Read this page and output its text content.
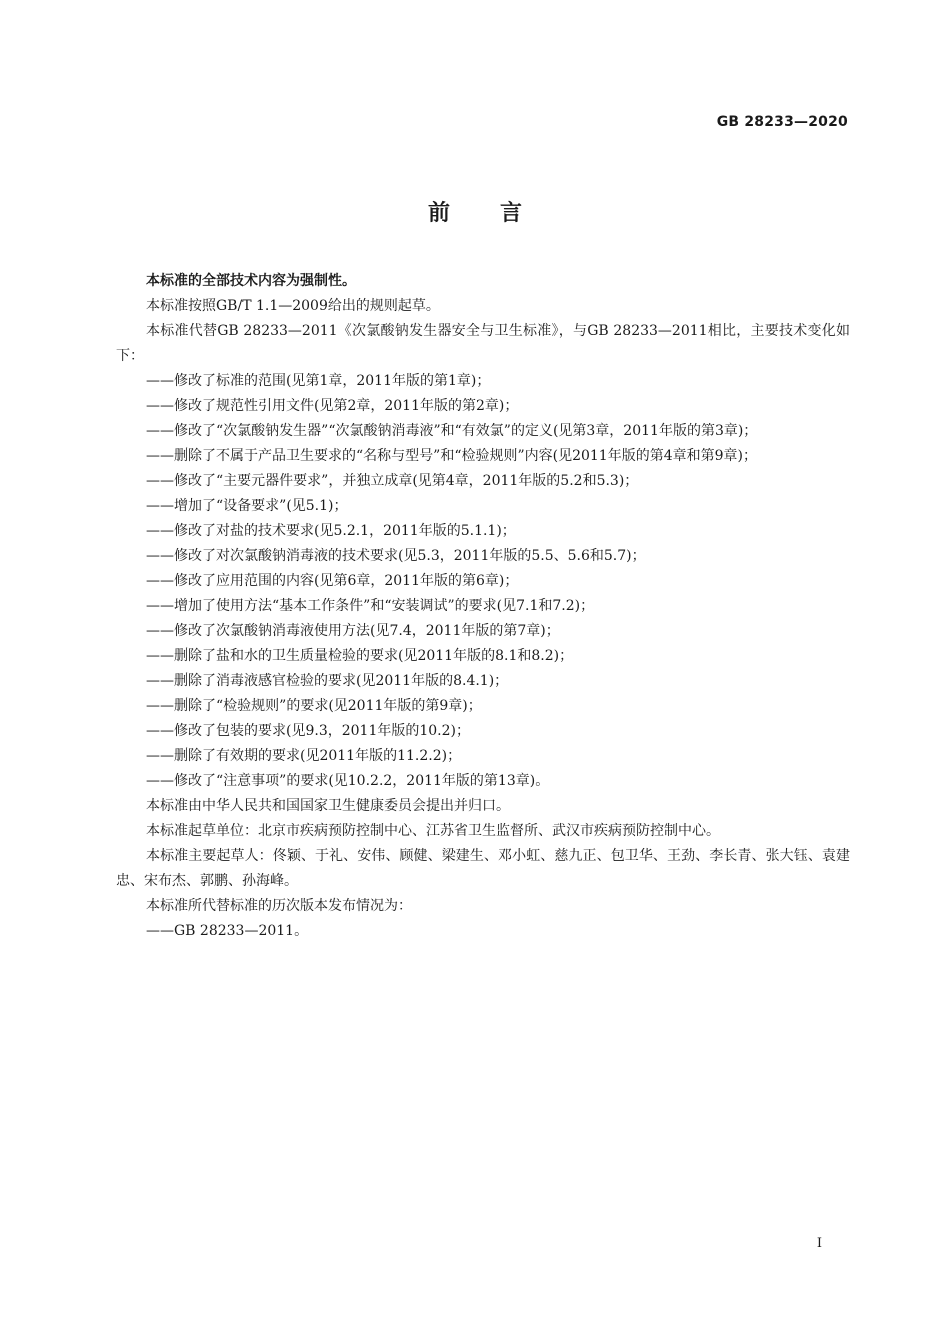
GB 28233—2020
前言

本标准的全部技术内容为强制性。

本标准按照GB/T 1.1—2009给出的规则起草。

本标准代替GB 28233—2011《次氯酸钠发生器安全与卫生标准》，与GB 28233—2011相比，主要技术变化如下：

——修改了标准的范围(见第1章，2011年版的第1章)；

——修改了规范性引用文件(见第2章，2011年版的第2章)；

——修改了“次氯酸钠发生器”“次氯酸钠消毒液”和“有效氯”的定义(见第3章，2011年版的第3章)；

——删除了不属于产品卫生要求的“名称与型号”和“检验规则”内容(见2011年版的第4章和第9章)；

——修改了“主要元器件要求”，并独立成章(见第4章，2011年版的5.2和5.3)；

——增加了“设备要求”(见5.1)；

——修改了对盐的技术要求(见5.2.1，2011年版的5.1.1)；

——修改了对次氯酸钠消毒液的技术要求(见5.3，2011年版的5.5、5.6和5.7)；

——修改了应用范围的内容(见第6章，2011年版的第6章)；

——增加了使用方法“基本工作条件”和“安装调试”的要求(见7.1和7.2)；

——修改了次氯酸钠消毒液使用方法(见7.4，2011年版的第7章)；

——删除了盐和水的卫生质量检验的要求(见2011年版的8.1和8.2)；

——删除了消毒液感官检验的要求(见2011年版的8.4.1)；

——删除了“检验规则”的要求(见2011年版的第9章)；

——修改了包装的要求(见9.3，2011年版的10.2)；

——删除了有效期的要求(见2011年版的11.2.2)；

——修改了“注意事项”的要求(见10.2.2，2011年版的第13章)。

本标准由中华人民共和国国家卫生健康委员会提出并归口。

本标准起草单位：北京市疾病预防控制中心、江苏省卫生监督所、武汉市疾病预防控制中心。

本标准主要起草人：佟颖、于礼、安伟、顾健、梁建生、邓小虹、慈九正、包卫华、王劲、李长青、张大钰、袁建忠、宋布杰、郭鹏、孙海峰。

本标准所代替标准的历次版本发布情况为：

——GB 28233—2011。

I
